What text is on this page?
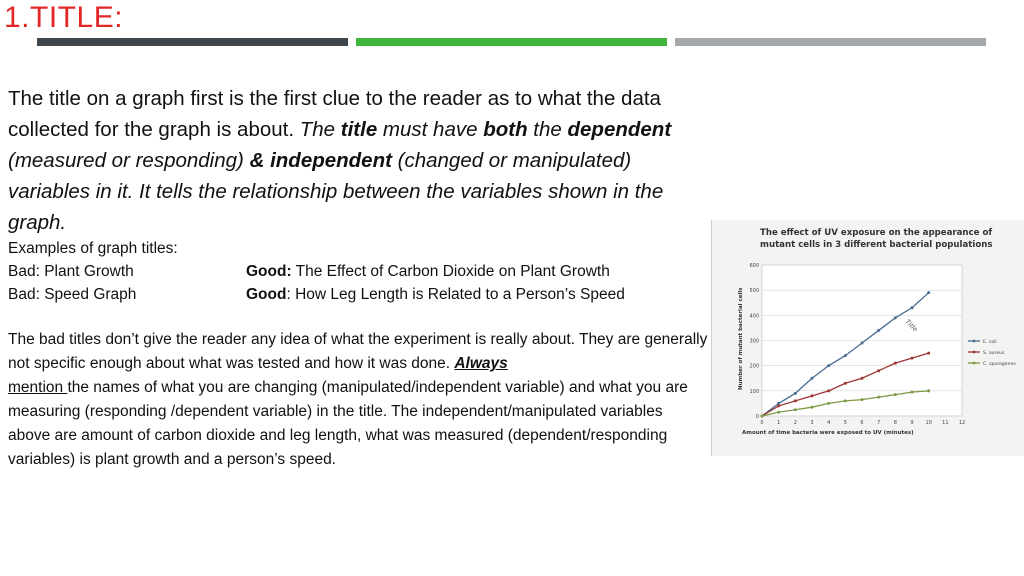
1.TITLE:

The title on a graph first is the first clue to the reader as to what the data collected for the graph is about. The title must have both the dependent (measured or responding) & independent (changed or manipulated) variables in it. It tells the relationship between the variables shown in the graph.

Examples of graph titles:
Bad: Plant Growth	Good: The Effect of Carbon Dioxide on Plant Growth
Bad: Speed Graph	Good: How Leg Length is Related to a Person’s Speed

The bad titles don’t give the reader any idea of what the experiment is really about. They are generally not specific enough about what was tested and how it was done. Always
mention the names of what you are changing (manipulated/independent variable) and what you are measuring (responding /dependent variable) in the title. The independent/manipulated variables above are amount of carbon dioxide and leg length, what was measured (dependent/responding variables) is plant growth and a person’s speed.

The effect of UV exposure on the appearance of
mutant cells in 3 different bacterial populations
0
100
200
300
400
500
600
0	1	2	3	4	5	6	7	8	9 10 11 12
E. coli
S. aureus
C. sporogenes
Amount of time bacteria were exposed to UV (minutes)
Number of mutant bacterial cells	Title
